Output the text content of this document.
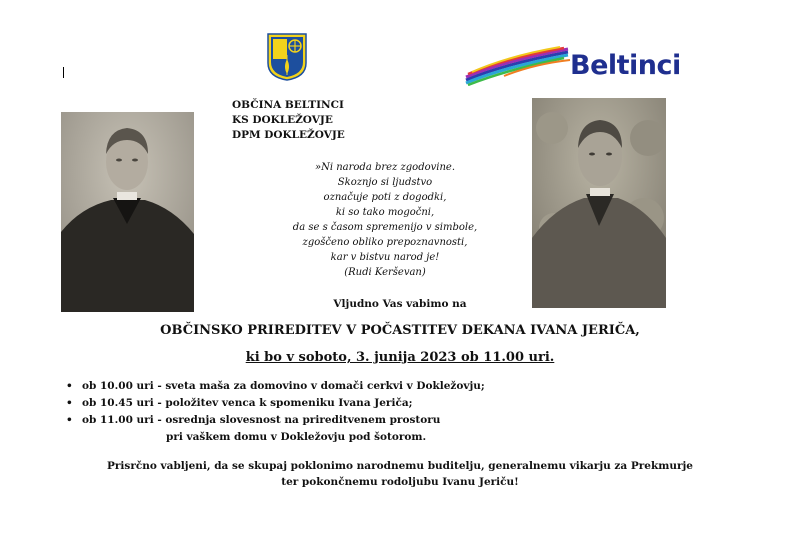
Beltinci
OBČINA BELTINCI
KS DOKLEŽOVJE
DPM DOKLEŽOVJE
»Ni naroda brez zgodovine.
Skoznjo si ljudstvo
označuje poti z dogodki,
ki so tako mogočni,
da se s časom spremenijo v simbole,
zgoščeno obliko prepoznavnosti,
kar v bistvu narod je!
(Rudi Kerševan)
Vljudno Vas vabimo na
OBČINSKO PRIREDITEV V POČASTITEV DEKANA IVANA JERIČA,
ki bo v soboto, 3. junija 2023 ob 11.00 uri.
• ob 10.00 uri - sveta maša za domovino v domači cerkvi v Dokležovju;
• ob 10.45 uri - položitev venca k spomeniku Ivana Jeriča;
• ob 11.00 uri - osrednja slovesnost na prireditvenem prostoru
pri vaškem domu v Dokležovju pod šotorom.
Prisrčno vabljeni, da se skupaj poklonimo narodnemu buditelju, generalnemu vikarju za Prekmurje
ter pokončnemu rodoljubu Ivanu Jeriču!
